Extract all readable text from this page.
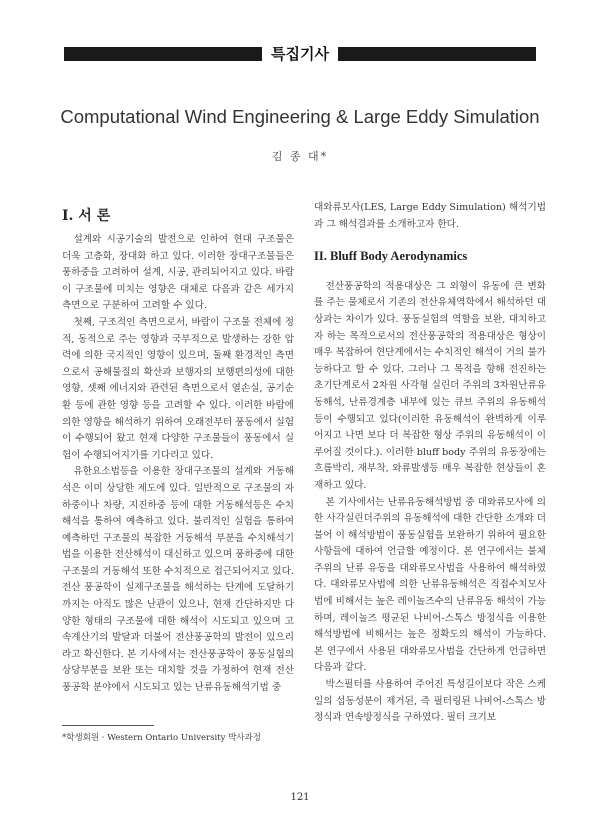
특집기사
Computational Wind Engineering & Large Eddy Simulation
김 종 대*
I. 서 론

설계와 시공기술의 발전으로 인하여 현대 구조물은 더욱 고층화, 장대화 하고 있다. 이러한 장대구조물들은 풍하중을 고려하여 설계, 시공, 관리되어지고 있다. 바람이 구조물에 미치는 영향은 대체로 다음과 같은 세가지 측면으로 구분하여 고려할 수 있다.

첫째, 구조적인 측면으로서, 바람이 구조물 전체에 정적, 동적으로 주는 영향과 국부적으로 발생하는 강한 압력에 의한 국지적인 영향이 있으며, 둘째 환경적인 측면으로서 공해물질의 확산과 보행자의 보행편의성에 대한 영향, 셋째 에너지와 관련된 측면으로서 열손실, 공기순환 등에 관한 영향 등을 고려할 수 있다. 이러한 바람에 의한 영향을 해석하기 위하여 오래전부터 풍동에서 실험이 수행되어 왔고 현재 다양한 구조물들이 풍동에서 실험이 수행되어지기를 기다리고 있다.

유한요소법등을 이용한 장대구조물의 설계와 거동해석은 이미 상당한 제도에 있다. 일반적으로 구조물의 자하중이나 차량, 지진하중 등에 대한 거동해석등은 수치해석을 통하여 예측하고 있다. 불리적인 실험을 통하여 예측하던 구조물의 복잡한 거동해석 부분을 수치해석기법을 이용한 전산해석이 대신하고 있으며 풍하중에 대한 구조물의 거동해석 또한 수치적으로 접근되어지고 있다. 전산 풍공학이 실제구조물을 해석하는 단계에 도달하기까지는 아직도 많은 난관이 있으나, 현재 간단하지만 다양한 형태의 구조물에 대한 해석이 시도되고 있으며 고속계산기의 발달과 더불어 전산풍공학의 발전이 있으리라고 확신한다. 본 기사에서는 전산풍공학이 풍동실험의 상당부분을 보완 또는 대치할 것을 가정하여 현재 전산풍공학 분야에서 시도되고 있는 난류유동해석기법 중

대와류모사(LES, Large Eddy Simulation) 해석기법과 그 해석결과를 소개하고자 한다.

II. Bluff Body Aerodynamics

전산풍공학의 적용대상은 그 외형이 유동에 큰 변화를 주는 물체로서 기존의 전산유체역학에서 해석하던 대상과는 차이가 있다. 풍동실험의 역할을 보완, 대치하고자 하는 목적으로서의 전산풍공학의 적용대상은 형상이 매우 복잡하여 현단계에서는 수치적인 해석이 거의 불가능하다고 할 수 있다. 그러나 그 목적을 향해 전진하는 초기단계로서 2차원 사각형 실린더 주위의 3차원난류유동해석, 난류경계층 내부에 있는 큐브 주위의 유동해석등이 수행되고 있다(이러한 유동해석이 완벽하게 이루어지고 나면 보다 더 복잡한 형상 주위의 유동해석이 이루어질 것이다.). 이러한 bluff body 주위의 유동장에는 흐름박리, 재부착, 와류발생등 매우 복잡한 현상들이 혼재하고 있다.

본 기사에서는 난류유동해석방법 중 대와류모사에 의한 사각실린더주위의 유동해석에 대한 간단한 소개와 더불어 이 해석방법이 풍동실험을 보완하기 위하여 필요한 사항들에 대하여 언급할 예정이다. 본 연구에서는 불체주위의 난류 유동을 대와류모사법을 사용하여 해석하였다. 대와류모사법에 의한 난류유동해석은 직접수치모사법에 비해서는 높은 레이놀즈수의 난류유동 해석이 가능하며, 레이놀즈 평균된 나비어-스톡스 방정식을 이용한 해석방법에 비해서는 높은 정확도의 해석이 가능하다. 본 연구에서 사용된 대와류모사법을 간단하게 언급하면 다음과 같다.

박스필터를 사용하여 주어진 특성길이보다 작은 스케일의 섭동성분이 제거된, 즉 필터링된 나비어-스톡스 방정식과 연속방정식을 구하였다. 필터 크기보

*학생회원 · Western Ontario University 박사과정
121
